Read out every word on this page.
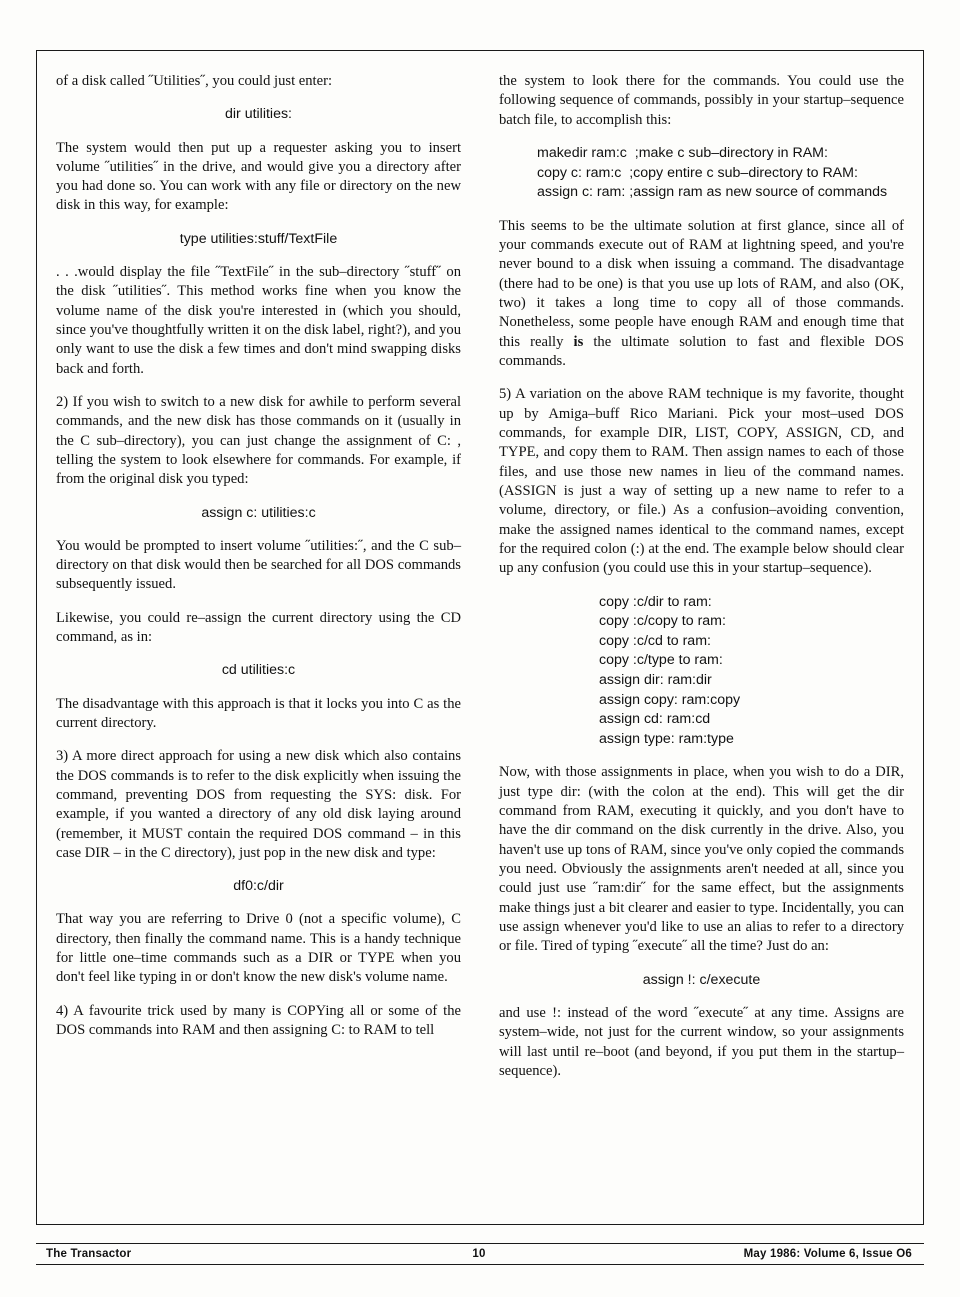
of a disk called ˝Utilities˝, you could just enter:

dir utilities:

The system would then put up a requester asking you to insert volume ˝utilities˝ in the drive, and would give you a directory after you had done so. You can work with any file or directory on the new disk in this way, for example:

type utilities:stuff/TextFile

. . .would display the file ˝TextFile˝ in the sub–directory ˝stuff˝ on the disk ˝utilities˝. This method works fine when you know the volume name of the disk you're interested in (which you should, since you've thoughtfully written it on the disk label, right?), and you only want to use the disk a few times and don't mind swapping disks back and forth.

2) If you wish to switch to a new disk for awhile to perform several commands, and the new disk has those commands on it (usually in the C sub–directory), you can just change the assignment of C: , telling the system to look elsewhere for commands. For example, if from the original disk you typed:

assign c: utilities:c

You would be prompted to insert volume ˝utilities:˝, and the C sub–directory on that disk would then be searched for all DOS commands subsequently issued.

Likewise, you could re–assign the current directory using the CD command, as in:

cd utilities:c

The disadvantage with this approach is that it locks you into C as the current directory.

3) A more direct approach for using a new disk which also contains the DOS commands is to refer to the disk explicitly when issuing the command, preventing DOS from requesting the SYS: disk. For example, if you wanted a directory of any old disk laying around (remember, it MUST contain the required DOS command – in this case DIR – in the C directory), just pop in the new disk and type:

df0:c/dir

That way you are referring to Drive 0 (not a specific volume), C directory, then finally the command name. This is a handy technique for little one–time commands such as a DIR or TYPE when you don't feel like typing in or don't know the new disk's volume name.

4) A favourite trick used by many is COPYing all or some of the DOS commands into RAM and then assigning C: to RAM to tell

the system to look there for the commands. You could use the following sequence of commands, possibly in your startup–sequence batch file, to accomplish this:

makedir ram:c  ;make c sub–directory in RAM:
copy c: ram:c  ;copy entire c sub–directory to RAM:
assign c: ram: ;assign ram as new source of commands

This seems to be the ultimate solution at first glance, since all of your commands execute out of RAM at lightning speed, and you're never bound to a disk when issuing a command. The disadvantage (there had to be one) is that you use up lots of RAM, and also (OK, two) it takes a long time to copy all of those commands. Nonetheless, some people have enough RAM and enough time that this really is the ultimate solution to fast and flexible DOS commands.

5) A variation on the above RAM technique is my favorite, thought up by Amiga–buff Rico Mariani. Pick your most–used DOS commands, for example DIR, LIST, COPY, ASSIGN, CD, and TYPE, and copy them to RAM. Then assign names to each of those files, and use those new names in lieu of the command names. (ASSIGN is just a way of setting up a new name to refer to a volume, directory, or file.) As a confusion–avoiding convention, make the assigned names identical to the command names, except for the required colon (:) at the end. The example below should clear up any confusion (you could use this in your startup–sequence).

copy :c/dir to ram:
copy :c/copy to ram:
copy :c/cd to ram:
copy :c/type to ram:
assign dir: ram:dir
assign copy: ram:copy
assign cd: ram:cd
assign type: ram:type

Now, with those assignments in place, when you wish to do a DIR, just type dir: (with the colon at the end). This will get the dir command from RAM, executing it quickly, and you don't have to have the dir command on the disk currently in the drive. Also, you haven't use up tons of RAM, since you've only copied the commands you need. Obviously the assignments aren't needed at all, since you could just use ˝ram:dir˝ for the same effect, but the assignments make things just a bit clearer and easier to type. Incidentally, you can use assign whenever you'd like to use an alias to refer to a directory or file. Tired of typing ˝execute˝ all the time? Just do an:

assign !: c/execute

and use !: instead of the word ˝execute˝ at any time. Assigns are system–wide, not just for the current window, so your assignments will last until re–boot (and beyond, if you put them in the startup–sequence).

The Transactor	10	May 1986: Volume 6, Issue O6
